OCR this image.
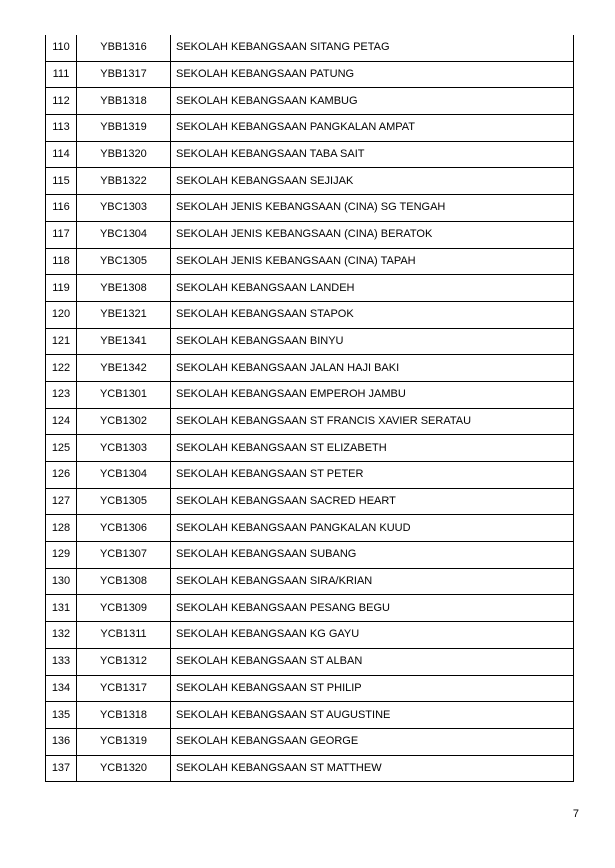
110	YBB1316	SEKOLAH KEBANGSAAN SITANG PETAG
111	YBB1317	SEKOLAH KEBANGSAAN PATUNG
112	YBB1318	SEKOLAH KEBANGSAAN KAMBUG
113	YBB1319	SEKOLAH KEBANGSAAN PANGKALAN AMPAT
114	YBB1320	SEKOLAH KEBANGSAAN TABA SAIT
115	YBB1322	SEKOLAH KEBANGSAAN SEJIJAK
116	YBC1303	SEKOLAH JENIS KEBANGSAAN (CINA) SG TENGAH
117	YBC1304	SEKOLAH JENIS KEBANGSAAN (CINA) BERATOK
118	YBC1305	SEKOLAH JENIS KEBANGSAAN (CINA) TAPAH
119	YBE1308	SEKOLAH KEBANGSAAN LANDEH
120	YBE1321	SEKOLAH KEBANGSAAN STAPOK
121	YBE1341	SEKOLAH KEBANGSAAN BINYU
122	YBE1342	SEKOLAH KEBANGSAAN JALAN HAJI BAKI
123	YCB1301	SEKOLAH KEBANGSAAN EMPEROH JAMBU
124	YCB1302	SEKOLAH KEBANGSAAN ST FRANCIS XAVIER SERATAU
125	YCB1303	SEKOLAH KEBANGSAAN ST ELIZABETH
126	YCB1304	SEKOLAH KEBANGSAAN ST PETER
127	YCB1305	SEKOLAH KEBANGSAAN SACRED HEART
128	YCB1306	SEKOLAH KEBANGSAAN PANGKALAN KUUD
129	YCB1307	SEKOLAH KEBANGSAAN SUBANG
130	YCB1308	SEKOLAH KEBANGSAAN SIRA/KRIAN
131	YCB1309	SEKOLAH KEBANGSAAN PESANG BEGU
132	YCB1311	SEKOLAH KEBANGSAAN KG GAYU
133	YCB1312	SEKOLAH KEBANGSAAN ST ALBAN
134	YCB1317	SEKOLAH KEBANGSAAN ST PHILIP
135	YCB1318	SEKOLAH KEBANGSAAN ST AUGUSTINE
136	YCB1319	SEKOLAH KEBANGSAAN GEORGE
137	YCB1320	SEKOLAH KEBANGSAAN ST MATTHEW
7
